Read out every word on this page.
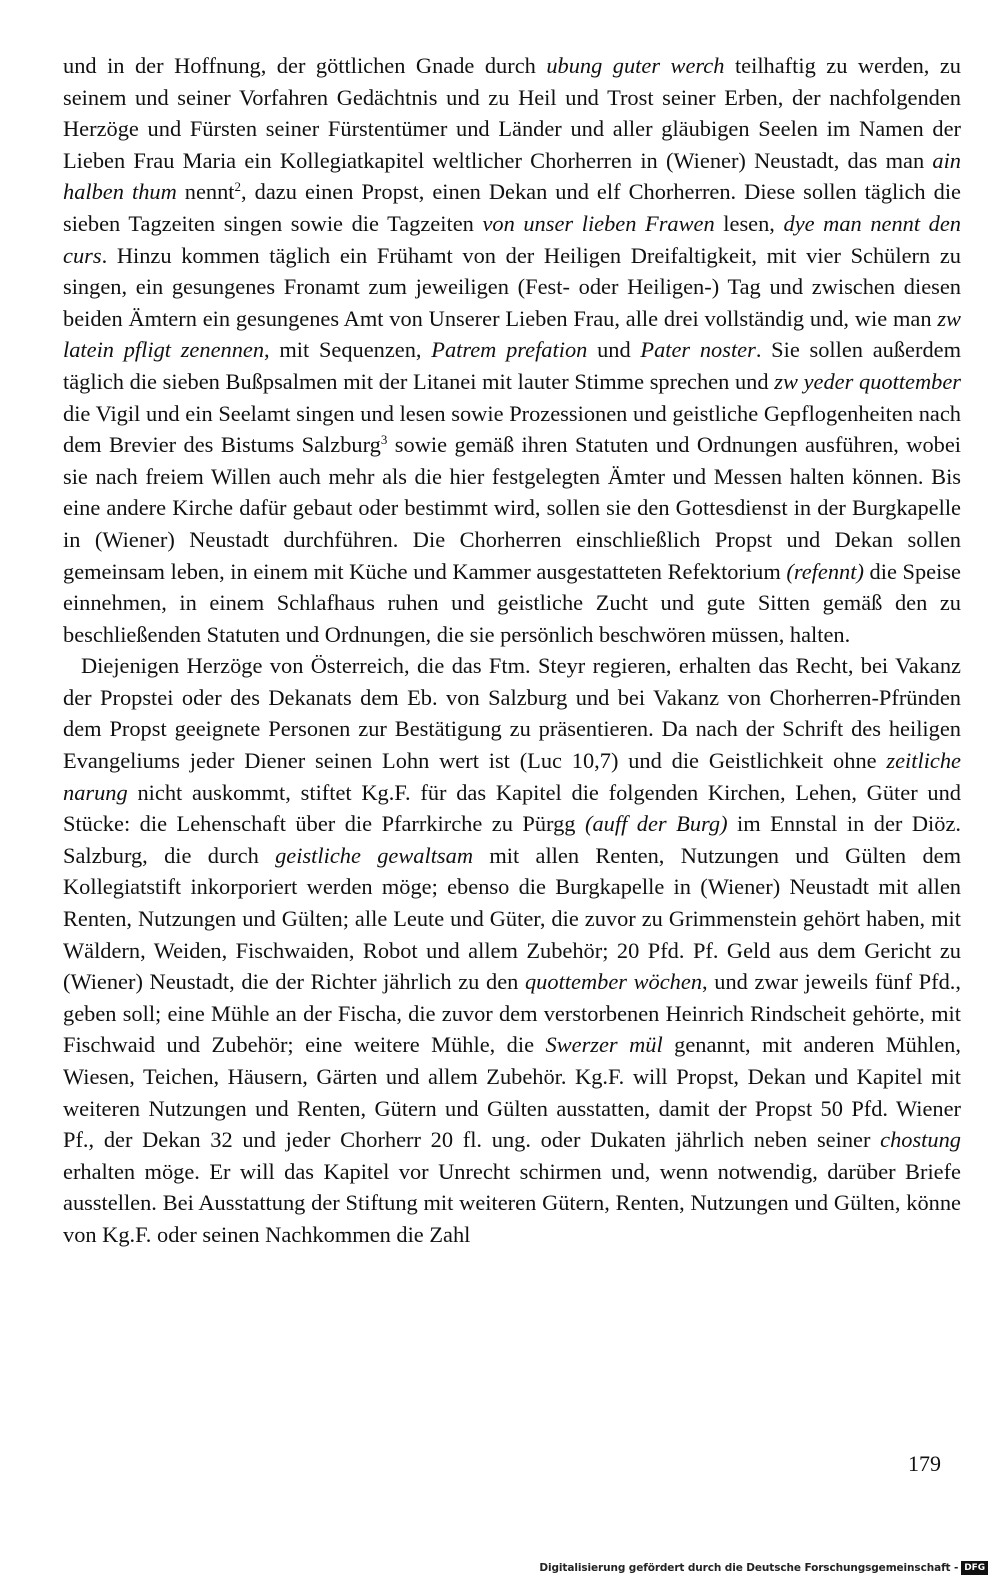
und in der Hoffnung, der göttlichen Gnade durch ubung guter werch teilhaftig zu werden, zu seinem und seiner Vorfahren Gedächtnis und zu Heil und Trost seiner Erben, der nachfolgenden Herzöge und Fürsten seiner Fürstentümer und Länder und aller gläubigen Seelen im Namen der Lieben Frau Maria ein Kollegiatkapitel weltlicher Chorherren in (Wiener) Neustadt, das man ain halben thum nennt$^2$, dazu einen Propst, einen Dekan und elf Chorherren. Diese sollen täglich die sieben Tagzeiten singen sowie die Tagzeiten von unser lieben Frawen lesen, dye man nennt den curs. Hinzu kommen täglich ein Frühamt von der Heiligen Dreifaltigkeit, mit vier Schülern zu singen, ein gesungenes Fronamt zum jeweiligen (Fest- oder Heiligen-) Tag und zwischen diesen beiden Ämtern ein gesungenes Amt von Unserer Lieben Frau, alle drei vollständig und, wie man zw latein pfligt zenennen, mit Sequenzen, Patrem prefation und Pater noster. Sie sollen außerdem täglich die sieben Bußpsalmen mit der Litanei mit lauter Stimme sprechen und zw yeder quottember die Vigil und ein Seelamt singen und lesen sowie Prozessionen und geistliche Gepflogenheiten nach dem Brevier des Bistums Salzburg$^3$ sowie gemäß ihren Statuten und Ordnungen ausführen, wobei sie nach freiem Willen auch mehr als die hier festgelegten Ämter und Messen halten können. Bis eine andere Kirche dafür gebaut oder bestimmt wird, sollen sie den Gottesdienst in der Burgkapelle in (Wiener) Neustadt durchführen. Die Chorherren einschließlich Propst und Dekan sollen gemeinsam leben, in einem mit Küche und Kammer ausgestatteten Refektorium (refennt) die Speise einnehmen, in einem Schlafhaus ruhen und geistliche Zucht und gute Sitten gemäß den zu beschließenden Statuten und Ordnungen, die sie persönlich beschwören müssen, halten.

Diejenigen Herzöge von Österreich, die das Ftm. Steyr regieren, erhalten das Recht, bei Vakanz der Propstei oder des Dekanats dem Eb. von Salzburg und bei Vakanz von Chorherren-Pfründen dem Propst geeignete Personen zur Bestätigung zu präsentieren. Da nach der Schrift des heiligen Evangeliums jeder Diener seinen Lohn wert ist (Luc 10,7) und die Geistlichkeit ohne zeitliche narung nicht auskommt, stiftet Kg.F. für das Kapitel die folgenden Kirchen, Lehen, Güter und Stücke: die Lehenschaft über die Pfarrkirche zu Pürgg (auff der Burg) im Ennstal in der Diöz. Salzburg, die durch geistliche gewaltsam mit allen Renten, Nutzungen und Gülten dem Kollegiatstift inkorporiert werden möge; ebenso die Burgkapelle in (Wiener) Neustadt mit allen Renten, Nutzungen und Gülten; alle Leute und Güter, die zuvor zu Grimmenstein gehört haben, mit Wäldern, Weiden, Fischwaiden, Robot und allem Zubehör; 20 Pfd. Pf. Geld aus dem Gericht zu (Wiener) Neustadt, die der Richter jährlich zu den quottember wöchen, und zwar jeweils fünf Pfd., geben soll; eine Mühle an der Fischa, die zuvor dem verstorbenen Heinrich Rindscheit gehörte, mit Fischwaid und Zubehör; eine weitere Mühle, die Swerzer mül genannt, mit anderen Mühlen, Wiesen, Teichen, Häusern, Gärten und allem Zubehör. Kg.F. will Propst, Dekan und Kapitel mit weiteren Nutzungen und Renten, Gütern und Gülten ausstatten, damit der Propst 50 Pfd. Wiener Pf., der Dekan 32 und jeder Chorherr 20 fl. ung. oder Dukaten jährlich neben seiner chostung erhalten möge. Er will das Kapitel vor Unrecht schirmen und, wenn notwendig, darüber Briefe ausstellen. Bei Ausstattung der Stiftung mit weiteren Gütern, Renten, Nutzungen und Gülten, könne von Kg.F. oder seinen Nachkommen die Zahl

179
Digitalisierung gefördert durch die Deutsche Forschungsgemeinschaft - DFG
